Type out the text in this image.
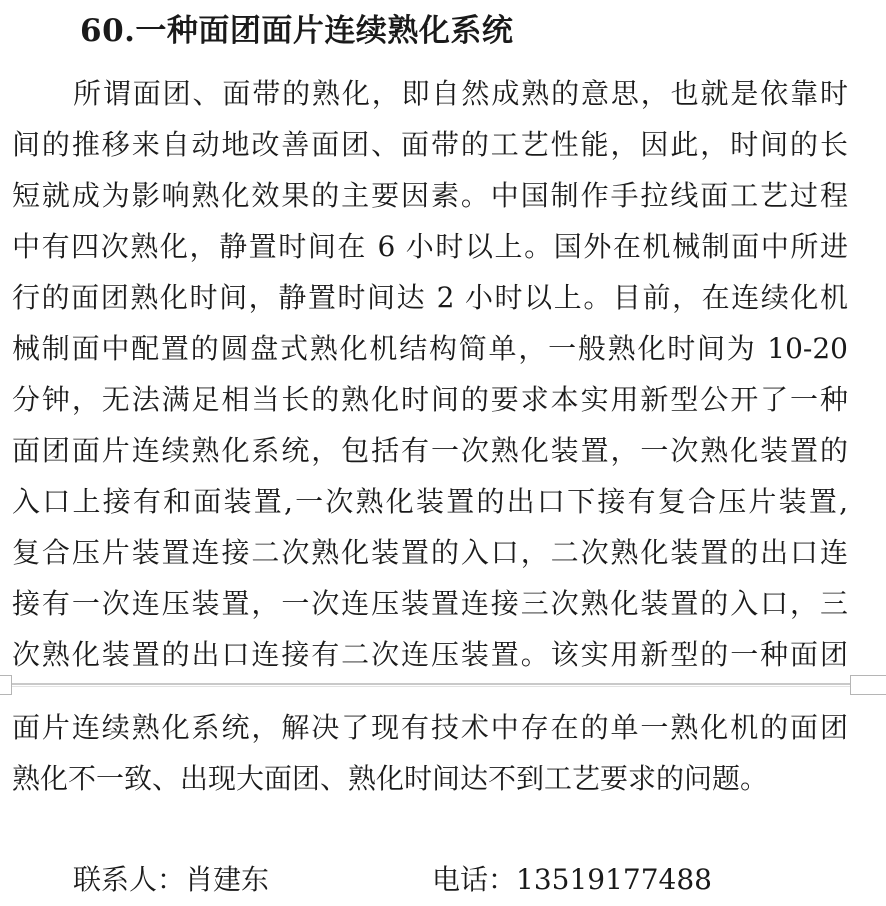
60.一种面团面片连续熟化系统
所谓面团、面带的熟化，即自然成熟的意思，也就是依靠时
间的推移来自动地改善面团、面带的工艺性能，因此，时间的长
短就成为影响熟化效果的主要因素。中国制作手拉线面工艺过程
中有四次熟化，静置时间在 6 小时以上。国外在机械制面中所进
行的面团熟化时间，静置时间达 2 小时以上。目前，在连续化机
械制面中配置的圆盘式熟化机结构简单，一般熟化时间为 10-20
分钟，无法满足相当长的熟化时间的要求本实用新型公开了一种
面团面片连续熟化系统，包括有一次熟化装置，一次熟化装置的
入口上接有和面装置,一次熟化装置的出口下接有复合压片装置,
复合压片装置连接二次熟化装置的入口，二次熟化装置的出口连
接有一次连压装置，一次连压装置连接三次熟化装置的入口，三
次熟化装置的出口连接有二次连压装置。该实用新型的一种面团
面片连续熟化系统，解决了现有技术中存在的单一熟化机的面团
熟化不一致、出现大面团、熟化时间达不到工艺要求的问题。
联系人：肖建东	电话：13519177488
